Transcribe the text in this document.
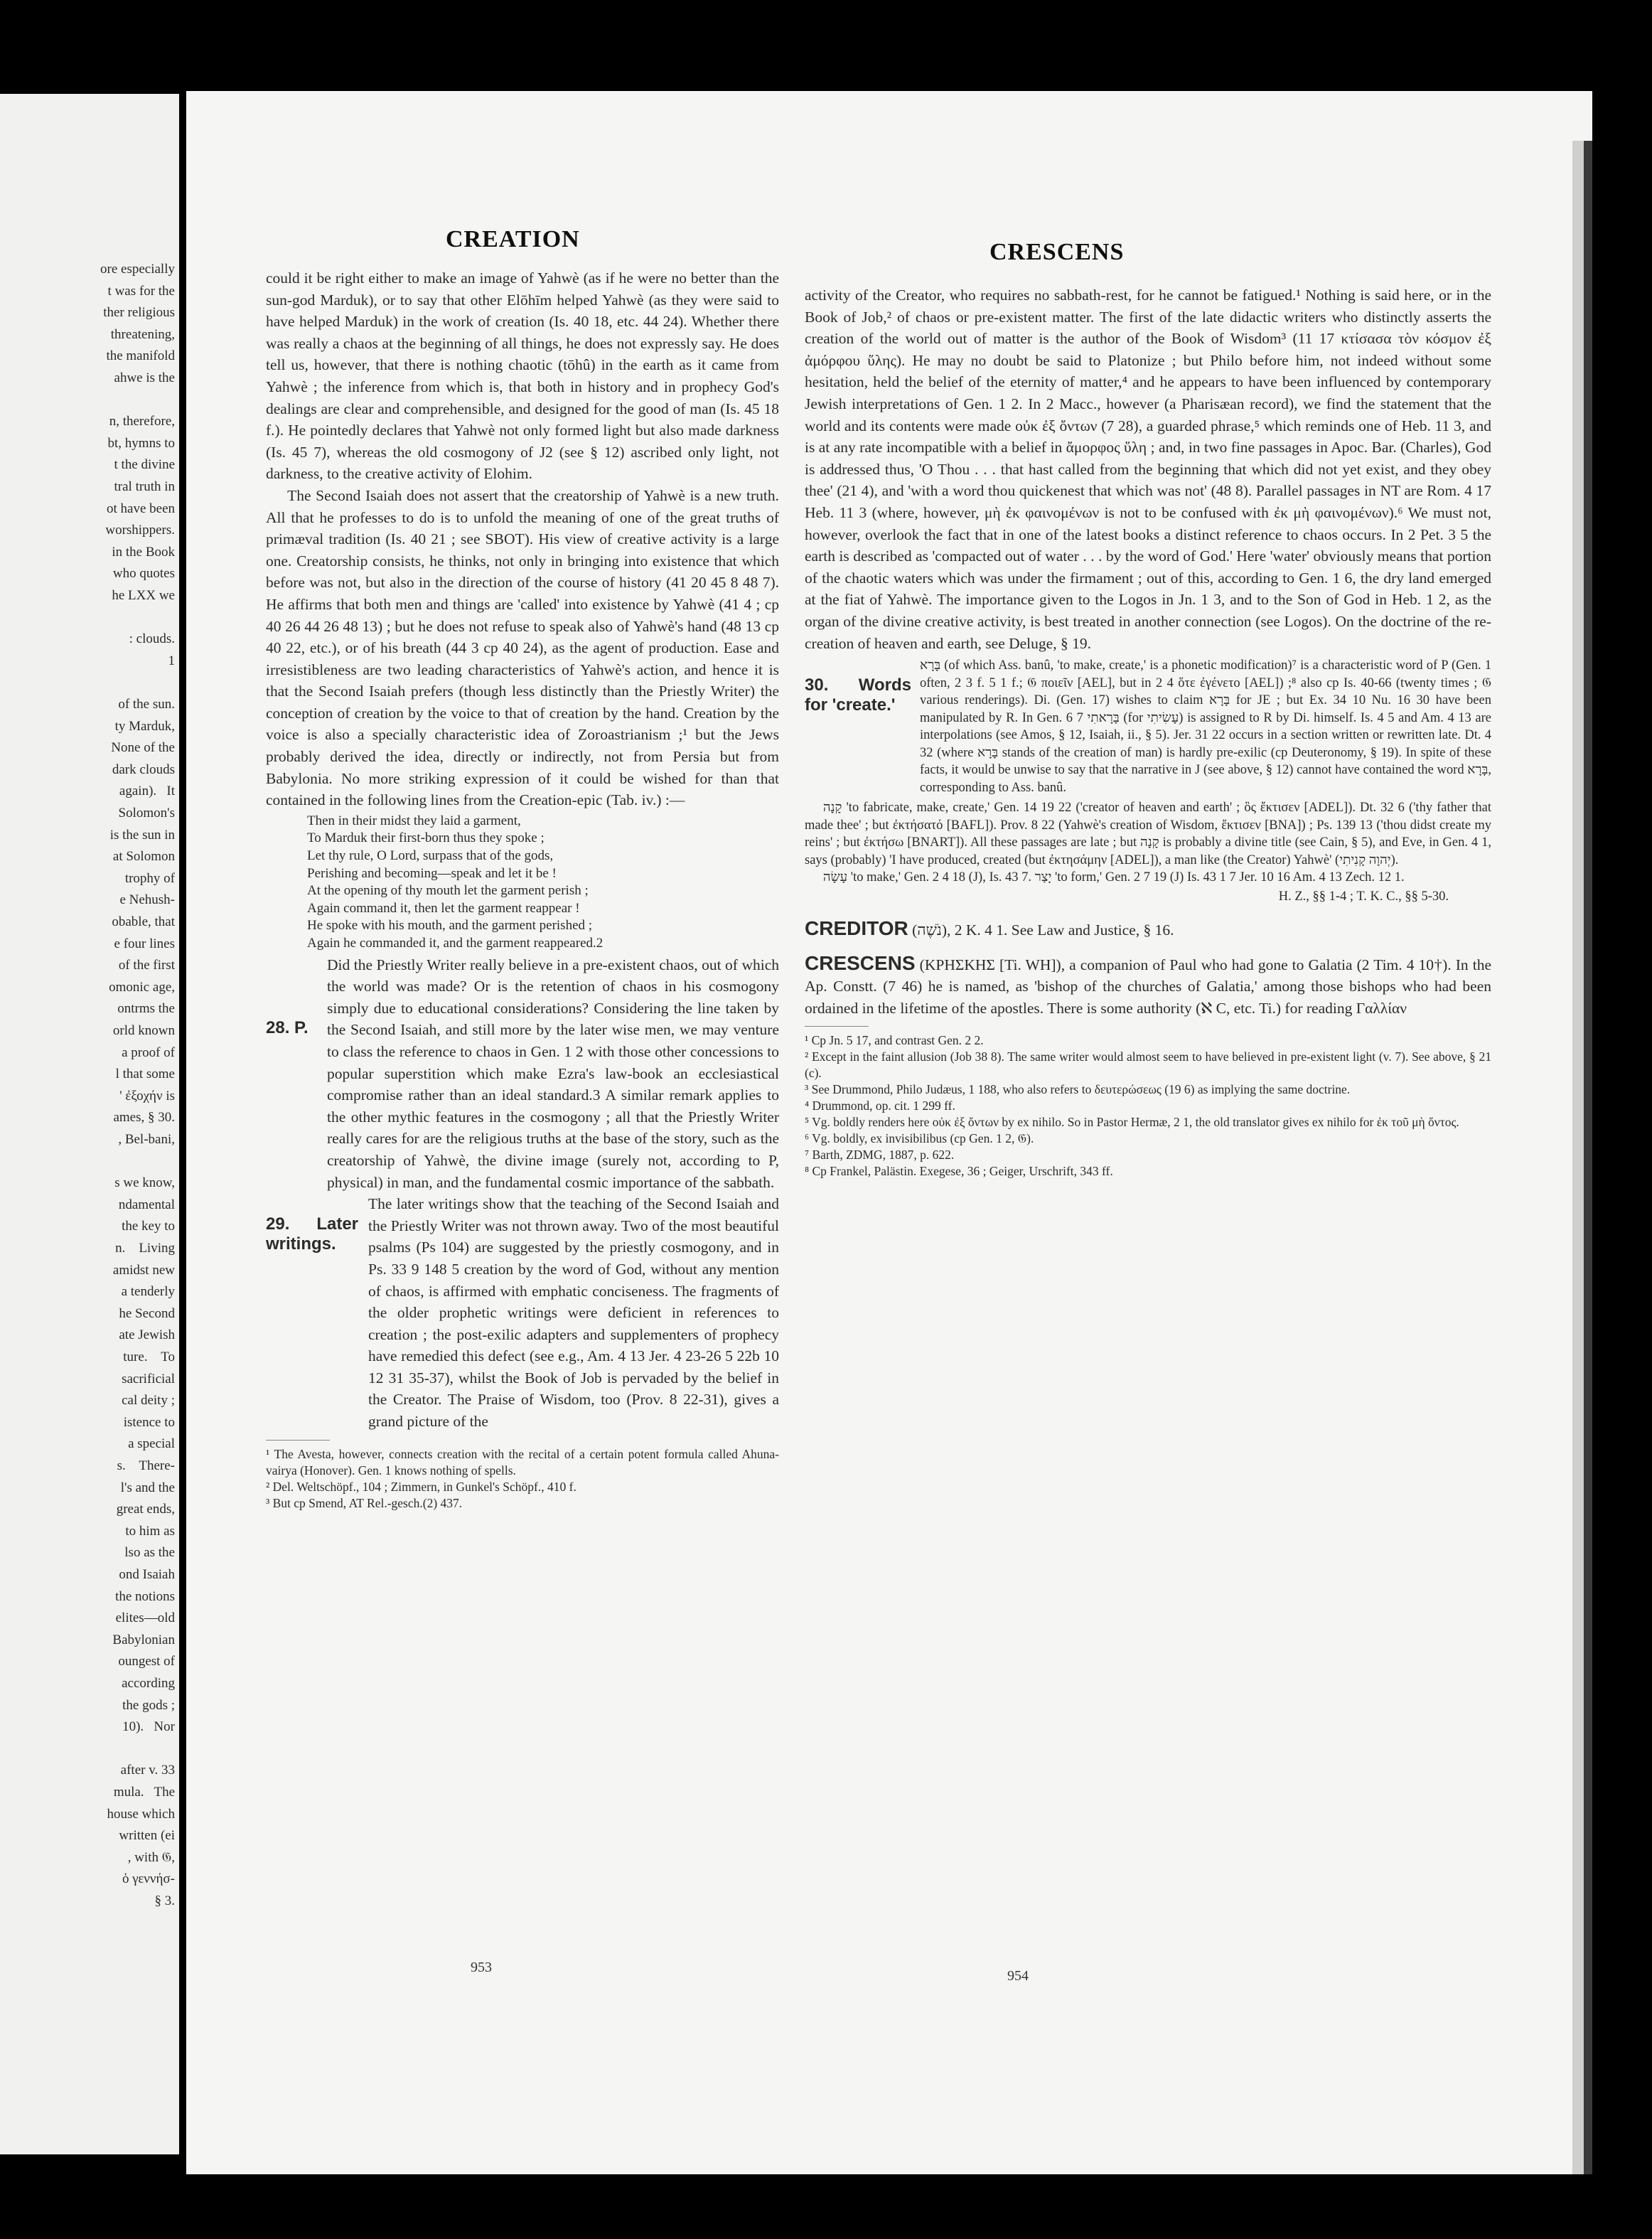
ore especially
t was for the
ther religious
threatening,
the manifold
ahwe is the
n, therefore,
bt, hymns to
t the divine
tral truth in
ot have been
worshippers.
in the Book
who quotes
he LXX we
: clouds.
1
of the sun.
ty Marduk,
None of the
dark clouds
again).   It
Solomon's
is the sun in
at Solomon
trophy of
e Nehush-
obable, that
e four lines
of the first
omonic age,
ontrms the
orld known
a proof of
l that some
' ἐξοχήν is
ames, § 30.
, Bel-bani,
s we know,
ndamental
the key to
n.    Living
amidst new
a tenderly
he Second
ate Jewish
ture.    To
sacrificial
cal deity ;
istence to
a special
s.    There-
l's and the
great ends,
to him as
lso as the
ond Isaiah
the notions
elites—old
Babylonian
oungest of
according
the gods ;
10).   Nor
after v. 33
mula.   The
house which
written (ei
, with 𝔊,
ὁ γεννήσ-
§ 3.
CREATION

could it be right either to make an image of Yahwè (as if he were no better than the sun-god Marduk), or to say that other Elōhīm helped Yahwè (as they were said to have helped Marduk) in the work of creation (Is. 40 18, etc. 44 24). Whether there was really a chaos at the beginning of all things, he does not expressly say. He does tell us, however, that there is nothing chaotic (tōhû) in the earth as it came from Yahwè ; the inference from which is, that both in history and in prophecy God's dealings are clear and comprehensible, and designed for the good of man (Is. 45 18 f.). He pointedly declares that Yahwè not only formed light but also made darkness (Is. 45 7), whereas the old cosmogony of J2 (see § 12) ascribed only light, not darkness, to the creative activity of Elohim.

The Second Isaiah does not assert that the creatorship of Yahwè is a new truth. All that he professes to do is to unfold the meaning of one of the great truths of primæval tradition (Is. 40 21 ; see SBOT). His view of creative activity is a large one. Creatorship consists, he thinks, not only in bringing into existence that which before was not, but also in the direction of the course of history (41 20 45 8 48 7). He affirms that both men and things are 'called' into existence by Yahwè (41 4 ; cp 40 26 44 26 48 13) ; but he does not refuse to speak also of Yahwè's hand (48 13 cp 40 22, etc.), or of his breath (44 3 cp 40 24), as the agent of production. Ease and irresistibleness are two leading characteristics of Yahwè's action, and hence it is that the Second Isaiah prefers (though less distinctly than the Priestly Writer) the conception of creation by the voice to that of creation by the hand. Creation by the voice is also a specially characteristic idea of Zoroastrianism ;¹ but the Jews probably derived the idea, directly or indirectly, not from Persia but from Babylonia. No more striking expression of it could be wished for than that contained in the following lines from the Creation-epic (Tab. iv.) :—

Then in their midst they laid a garment,
To Marduk their first-born thus they spoke ;
Let thy rule, O Lord, surpass that of the gods,
Perishing and becoming—speak and let it be !
At the opening of thy mouth let the garment perish ;
Again command it, then let the garment reappear !
He spoke with his mouth, and the garment perished ;
Again he commanded it, and the garment reappeared.2
28. P.

Did the Priestly Writer really believe in a pre-existent chaos, out of which the world was made? Or is the retention of chaos in his cosmogony simply due to educational considerations? Considering the line taken by the Second Isaiah, and still more by the later wise men, we may venture to class the reference to chaos in Gen. 1 2 with those other concessions to popular superstition which make Ezra's law-book an ecclesiastical compromise rather than an ideal standard.3 A similar remark applies to the other mythic features in the cosmogony ; all that the Priestly Writer really cares for are the religious truths at the base of the story, such as the creatorship of Yahwè, the divine image (surely not, according to P, physical) in man, and the fundamental cosmic importance of the sabbath.

29. Later writings.

The later writings show that the teaching of the Second Isaiah and the Priestly Writer was not thrown away. Two of the most beautiful psalms (Ps 104) are suggested by the priestly cosmogony, and in Ps. 33 9 148 5 creation by the word of God, without any mention of chaos, is affirmed with emphatic conciseness. The fragments of the older prophetic writings were deficient in references to creation ; the post-exilic adapters and supplementers of prophecy have remedied this defect (see e.g., Am. 4 13 Jer. 4 23-26 5 22b 10 12 31 35-37), whilst the Book of Job is pervaded by the belief in the Creator. The Praise of Wisdom, too (Prov. 8 22-31), gives a grand picture of the

¹ The Avesta, however, connects creation with the recital of a certain potent formula called Ahuna-vairya (Honover). Gen. 1 knows nothing of spells.
² Del. Weltschöpf., 104 ; Zimmern, in Gunkel's Schöpf., 410 f.
³ But cp Smend, AT Rel.-gesch.(2) 437.
953
CRESCENS

activity of the Creator, who requires no sabbath-rest, for he cannot be fatigued.¹ Nothing is said here, or in the Book of Job,² of chaos or pre-existent matter. The first of the late didactic writers who distinctly asserts the creation of the world out of matter is the author of the Book of Wisdom³ (11 17 κτίσασα τὸν κόσμον ἐξ ἀμόρφου ὕλης). He may no doubt be said to Platonize ; but Philo before him, not indeed without some hesitation, held the belief of the eternity of matter,⁴ and he appears to have been influenced by contemporary Jewish interpretations of Gen. 1 2. In 2 Macc., however (a Pharisæan record), we find the statement that the world and its contents were made οὐκ ἐξ ὄντων (7 28), a guarded phrase,⁵ which reminds one of Heb. 11 3, and is at any rate incompatible with a belief in ἄμορφος ὕλη ; and, in two fine passages in Apoc. Bar. (Charles), God is addressed thus, 'O Thou . . . that hast called from the beginning that which did not yet exist, and they obey thee' (21 4), and 'with a word thou quickenest that which was not' (48 8). Parallel passages in NT are Rom. 4 17 Heb. 11 3 (where, however, μὴ ἐκ φαινομένων is not to be confused with ἐκ μὴ φαινομένων).⁶ We must not, however, overlook the fact that in one of the latest books a distinct reference to chaos occurs. In 2 Pet. 3 5 the earth is described as 'compacted out of water . . . by the word of God.' Here 'water' obviously means that portion of the chaotic waters which was under the firmament ; out of this, according to Gen. 1 6, the dry land emerged at the fiat of Yahwè. The importance given to the Logos in Jn. 1 3, and to the Son of God in Heb. 1 2, as the organ of the divine creative activity, is best treated in another connection (see Logos). On the doctrine of the re-creation of heaven and earth, see Deluge, § 19.

30. Words for 'create.'
בָּרָא (of which Ass. banû, 'to make, create,' is a phonetic modification)⁷ is a characteristic word of P (Gen. 1 often, 2 3 f. 5 1 f.; 𝔊 ποιεῖν [AEL], but in 2 4 ὅτε ἐγένετο [AEL]) ;⁸ also cp Is. 40-66 (twenty times ; 𝔊 various renderings). Di. (Gen. 17) wishes to claim בָּרָא for JE ; but Ex. 34 10 Nu. 16 30 have been manipulated by R. In Gen. 6 7 בָּרָאתִי (for עָשִׂיתִי) is assigned to R by Di. himself. Is. 4 5 and Am. 4 13 are interpolations (see Amos, § 12, Isaiah, ii., § 5). Jer. 31 22 occurs in a section written or rewritten late. Dt. 4 32 (where בָּרָא stands of the creation of man) is hardly pre-exilic (cp Deuteronomy, § 19). In spite of these facts, it would be unwise to say that the narrative in J (see above, § 12) cannot have contained the word בָּרָא, corresponding to Ass. banû.
קָנָה 'to fabricate, make, create,' Gen. 14 19 22 ('creator of heaven and earth' ; ὃς ἔκτισεν [ADEL]). Dt. 32 6 ('thy father that made thee' ; but ἐκτήσατό [BAFL]). Prov. 8 22 (Yahwè's creation of Wisdom, ἔκτισεν [BNA]) ; Ps. 139 13 ('thou didst create my reins' ; but ἐκτήσω [BNART]). All these passages are late ; but קָנָה is probably a divine title (see Cain, § 5), and Eve, in Gen. 4 1, says (probably) 'I have produced, created (but ἐκτησάμην [ADEL]), a man like (the Creator) Yahwè' (יְהוָה קָנִיתִי).
עָשָׂה 'to make,' Gen. 2 4 18 (J), Is. 43 7. יָצַר 'to form,' Gen. 2 7 19 (J) Is. 43 1 7 Jer. 10 16 Am. 4 13 Zech. 12 1.
H. Z., §§ 1-4 ; T. K. C., §§ 5-30.
CREDITOR (נֹשֶׁה), 2 K. 4 1. See Law and Justice, § 16.
CRESCENS (ΚΡΗΣΚΗΣ [Ti. WH]), a companion of Paul who had gone to Galatia (2 Tim. 4 10†). In the Ap. Constt. (7 46) he is named, as 'bishop of the churches of Galatia,' among those bishops who had been ordained in the lifetime of the apostles. There is some authority (ℵ C, etc. Ti.) for reading Γαλλίαν
¹ Cp Jn. 5 17, and contrast Gen. 2 2.
² Except in the faint allusion (Job 38 8). The same writer would almost seem to have believed in pre-existent light (v. 7). See above, § 21 (c).
³ See Drummond, Philo Judæus, 1 188, who also refers to δευτερώσεως (19 6) as implying the same doctrine.
⁴ Drummond, op. cit. 1 299 ff.
⁵ Vg. boldly renders here οὐκ ἐξ ὄντων by ex nihilo. So in Pastor Hermæ, 2 1, the old translator gives ex nihilo for ἐκ τοῦ μὴ ὄντος.
⁶ Vg. boldly, ex invisibilibus (cp Gen. 1 2, 𝔊).
⁷ Barth, ZDMG, 1887, p. 622.
⁸ Cp Frankel, Palästin. Exegese, 36 ; Geiger, Urschrift, 343 ff.
954
